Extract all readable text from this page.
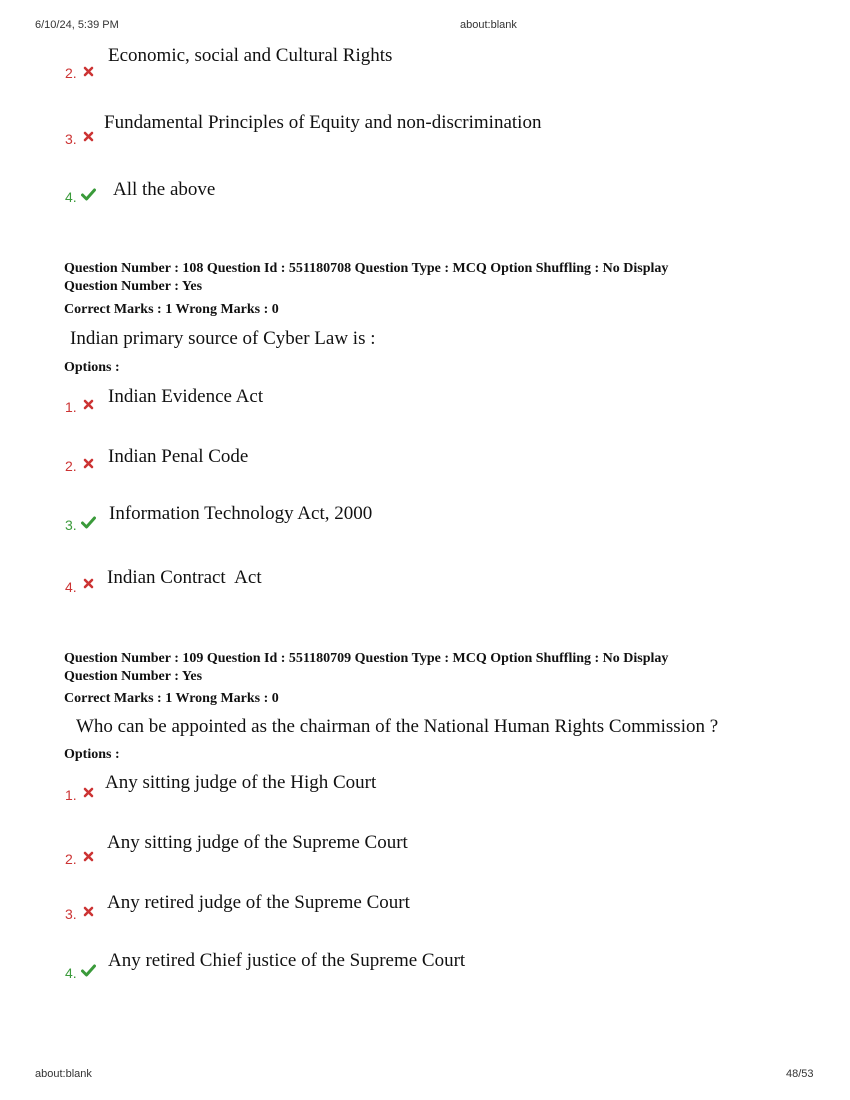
6/10/24, 5:39 PM	about:blank
2.
Economic, social and Cultural Rights
3.
Fundamental Principles of Equity and non-discrimination
4. All the above
Question Number : 108 Question Id : 551180708 Question Type : MCQ Option Shuffling : No Display
Question Number : Yes
Correct Marks : 1 Wrong Marks : 0
Indian primary source of Cyber Law is :
Options :
1. Indian Evidence Act
2. Indian Penal Code
3.
Information Technology Act, 2000
4. Indian Contract  Act
Question Number : 109 Question Id : 551180709 Question Type : MCQ Option Shuffling : No Display
Question Number : Yes
Correct Marks : 1 Wrong Marks : 0
Who can be appointed as the chairman of the National Human Rights Commission ?
Options :
1.
Any sitting judge of the High Court
2.
Any sitting judge of the Supreme Court
3.
Any retired judge of the Supreme Court
4.
Any retired Chief justice of the Supreme Court
about:blank	48/53
